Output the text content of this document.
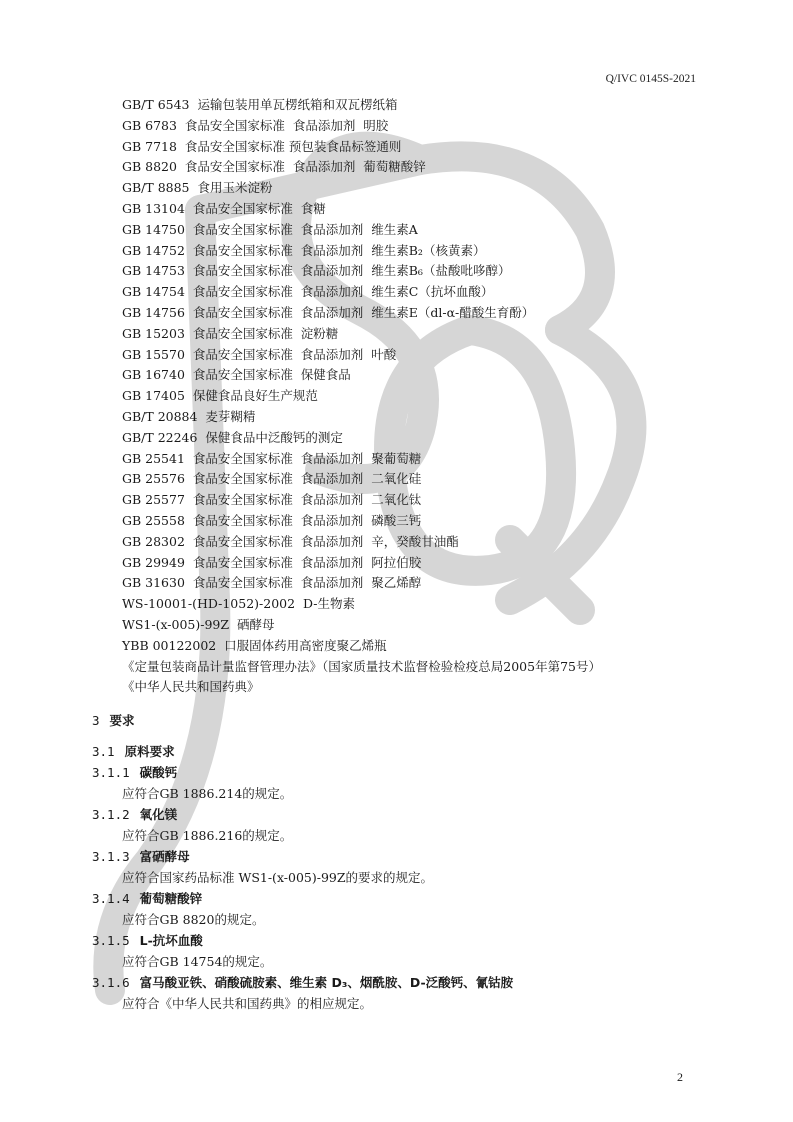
Q/IVC 0145S-2021
GB/T 6543  运输包装用单瓦楞纸箱和双瓦楞纸箱
GB 6783  食品安全国家标准  食品添加剂  明胶
GB 7718  食品安全国家标准 预包装食品标签通则
GB 8820  食品安全国家标准  食品添加剂  葡萄糖酸锌
GB/T 8885  食用玉米淀粉
GB 13104  食品安全国家标准  食糖
GB 14750  食品安全国家标准  食品添加剂  维生素A
GB 14752  食品安全国家标准  食品添加剂  维生素B₂（核黄素）
GB 14753  食品安全国家标准  食品添加剂  维生素B₆（盐酸吡哆醇）
GB 14754  食品安全国家标准  食品添加剂  维生素C（抗坏血酸）
GB 14756  食品安全国家标准  食品添加剂  维生素E（dl-α-醋酸生育酚）
GB 15203  食品安全国家标准  淀粉糖
GB 15570  食品安全国家标准  食品添加剂  叶酸
GB 16740  食品安全国家标准  保健食品
GB 17405  保健食品良好生产规范
GB/T 20884  麦芽糊精
GB/T 22246  保健食品中泛酸钙的测定
GB 25541  食品安全国家标准  食品添加剂  聚葡萄糖
GB 25576  食品安全国家标准  食品添加剂  二氧化硅
GB 25577  食品安全国家标准  食品添加剂  二氧化钛
GB 25558  食品安全国家标准  食品添加剂  磷酸三钙
GB 28302  食品安全国家标准  食品添加剂  辛，癸酸甘油酯
GB 29949  食品安全国家标准  食品添加剂  阿拉伯胶
GB 31630  食品安全国家标准  食品添加剂  聚乙烯醇
WS-10001-(HD-1052)-2002  D-生物素
WS1-(x-005)-99Z  硒酵母
YBB 00122002  口服固体药用高密度聚乙烯瓶
《定量包装商品计量监督管理办法》（国家质量技术监督检验检疫总局2005年第75号）
《中华人民共和国药典》
3 要求
3.1 原料要求
3.1.1 碳酸钙
应符合GB 1886.214的规定。
3.1.2 氧化镁
应符合GB 1886.216的规定。
3.1.3 富硒酵母
应符合国家药品标准 WS1-(x-005)-99Z的要求的规定。
3.1.4 葡萄糖酸锌
应符合GB 8820的规定。
3.1.5 L-抗坏血酸
应符合GB 14754的规定。
3.1.6 富马酸亚铁、硝酸硫胺素、维生素 D₃、烟酰胺、D-泛酸钙、氰钴胺
应符合《中华人民共和国药典》的相应规定。
2
